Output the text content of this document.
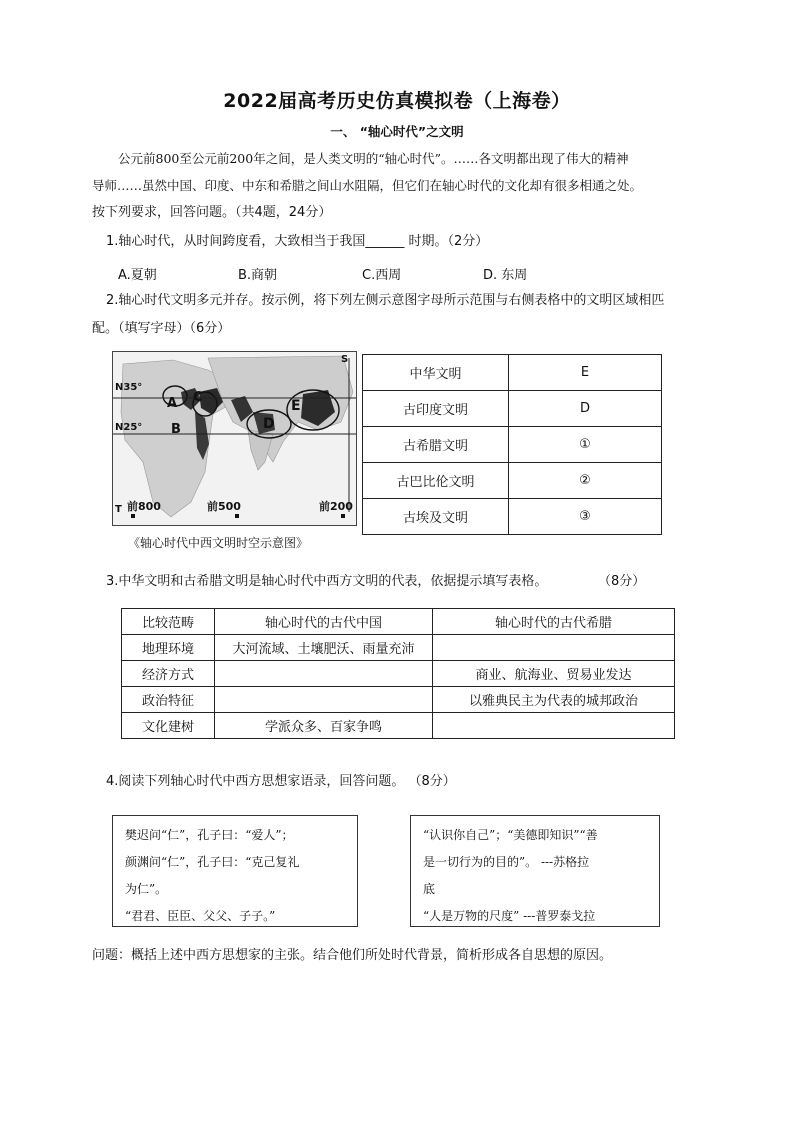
2022届高考历史仿真模拟卷（上海卷）
一、 “轴心时代”之文明
公元前800至公元前200年之间，是人类文明的“轴心时代”。……各文明都出现了伟大的精神
导师……虽然中国、印度、中东和希腊之间山水阻隔，但它们在轴心时代的文化却有很多相通之处。
按下列要求，回答问题。（共4题，24分）
1.轴心时代，从时间跨度看，大致相当于我国______ 时期。（2分）
A.夏朝	B.商朝	C.西周	D. 东周
2.轴心时代文明多元并存。按示例，将下列左侧示意图字母所示范围与右侧表格中的文明区域相匹
配。（填写字母）（6分）
N35°
N25°
A
B
C
D
E
S
T 前800	前500	前200
《轴心时代中西文明时空示意图》
中华文明	E
古印度文明	D
古希腊文明	①
古巴比伦文明	②
古埃及文明	③
3.中华文明和古希腊文明是轴心时代中西方文明的代表，依据提示填写表格。	（8分）
比较范畴	轴心时代的古代中国	轴心时代的古代希腊
地理环境	大河流域、土壤肥沃、雨量充沛	
经济方式		商业、航海业、贸易业发达
政治特征		以雅典民主为代表的城邦政治
文化建树	学派众多、百家争鸣	
4.阅读下列轴心时代中西方思想家语录，回答问题。 （8分）
樊迟问“仁”，孔子曰：“爱人”；
颜渊问“仁”，孔子曰：“克己复礼
为仁”。
“君君、臣臣、父父、子子。”
“认识你自己”；“美德即知识”“善
是一切行为的目的”。 ---苏格拉
底
“人是万物的尺度” ---普罗泰戈拉
问题：概括上述中西方思想家的主张。结合他们所处时代背景，简析形成各自思想的原因。
